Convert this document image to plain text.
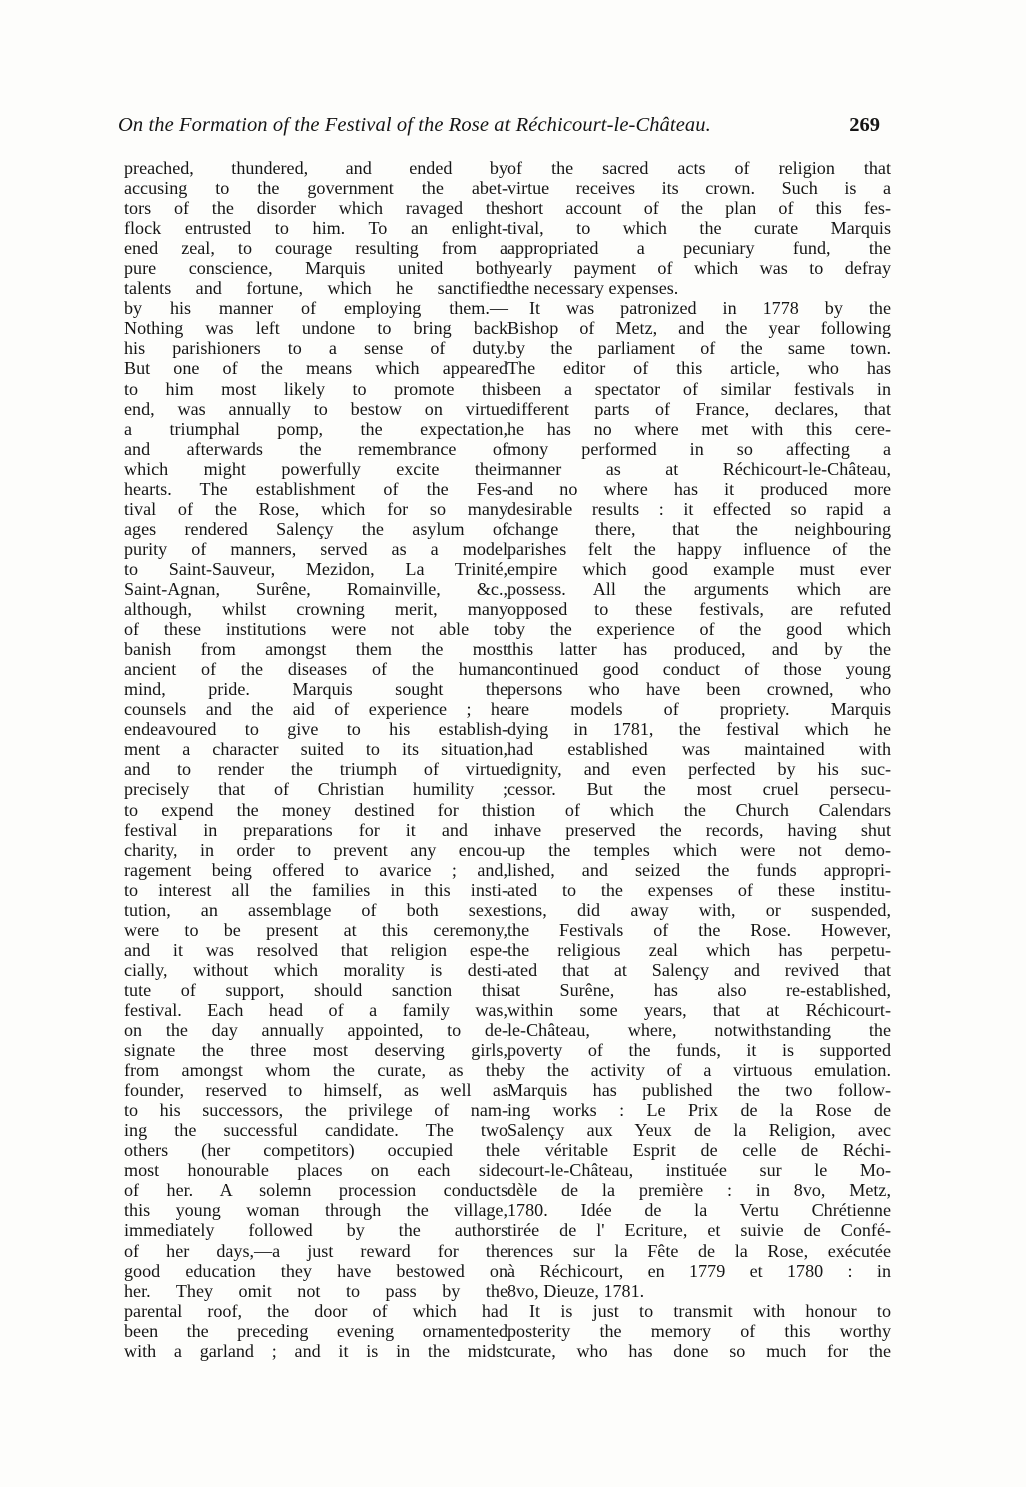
On the Formation of the Festival of the Rose at Réchicourt-le-Château.	269

preached, thundered, and ended by
accusing to the government the abet-
tors of the disorder which ravaged the
flock entrusted to him. To an enlight-
ened zeal, to courage resulting from a
pure conscience, Marquis united both
talents and fortune, which he sanctified
by his manner of employing them.—
Nothing was left undone to bring back
his parishioners to a sense of duty.
But one of the means which appeared
to him most likely to promote this
end, was annually to bestow on virtue
a triumphal pomp, the expectation,
and afterwards the remembrance of
which might powerfully excite their
hearts. The establishment of the Fes-
tival of the Rose, which for so many
ages rendered Salençy the asylum of
purity of manners, served as a model
to Saint-Sauveur, Mezidon, La Trinité,
Saint-Agnan, Surêne, Romainville, &c.,
although, whilst crowning merit, many
of these institutions were not able to
banish from amongst them the most
ancient of the diseases of the human
mind, pride. Marquis sought the
counsels and the aid of experience ; he
endeavoured to give to his establish-
ment a character suited to its situation,
and to render the triumph of virtue
precisely that of Christian humility ;
to expend the money destined for this
festival in preparations for it and in
charity, in order to prevent any encou-
ragement being offered to avarice ; and,
to interest all the families in this insti-
tution, an assemblage of both sexes
were to be present at this ceremony,
and it was resolved that religion espe-
cially, without which morality is desti-
tute of support, should sanction this
festival. Each head of a family was,
on the day annually appointed, to de-
signate the three most deserving girls,
from amongst whom the curate, as the
founder, reserved to himself, as well as
to his successors, the privilege of nam-
ing the successful candidate. The two
others (her competitors) occupied the
most honourable places on each side
of her. A solemn procession conducts
this young woman through the village,
immediately followed by the authors
of her days,—a just reward for the
good education they have bestowed on
her. They omit not to pass by the
parental roof, the door of which had
been the preceding evening ornamented
with a garland ; and it is in the midst

of the sacred acts of religion that
virtue receives its crown. Such is a
short account of the plan of this fes-
tival, to which the curate Marquis
appropriated a pecuniary fund, the
yearly payment of which was to defray
the necessary expenses.

It was patronized in 1778 by the
Bishop of Metz, and the year following
by the parliament of the same town.
The editor of this article, who has
been a spectator of similar festivals in
different parts of France, declares, that
he has no where met with this cere-
mony performed in so affecting a
manner as at Réchicourt-le-Château,
and no where has it produced more
desirable results : it effected so rapid a
change there, that the neighbouring
parishes felt the happy influence of the
empire which good example must ever
possess. All the arguments which are
opposed to these festivals, are refuted
by the experience of the good which
this latter has produced, and by the
continued good conduct of those young
persons who have been crowned, who
are models of propriety. Marquis
dying in 1781, the festival which he
had established was maintained with
dignity, and even perfected by his suc-
cessor. But the most cruel persecu-
tion of which the Church Calendars
have preserved the records, having shut
up the temples which were not demo-
lished, and seized the funds appropri-
ated to the expenses of these institu-
tions, did away with, or suspended,
the Festivals of the Rose. However,
the religious zeal which has perpetu-
ated that at Salençy and revived that
at Surêne, has also re-established,
within some years, that at Réchicourt-
le-Château, where, notwithstanding the
poverty of the funds, it is supported
by the activity of a virtuous emulation.
Marquis has published the two follow-
ing works : Le Prix de la Rose de
Salençy aux Yeux de la Religion, avec
le véritable Esprit de celle de Réchi-
court-le-Château, instituée sur le Mo-
dèle de la première : in 8vo, Metz,
1780. Idée de la Vertu Chrétienne
tirée de l' Ecriture, et suivie de Confé-
rences sur la Fête de la Rose, exécutée
à Réchicourt, en 1779 et 1780 : in
8vo, Dieuze, 1781.

It is just to transmit with honour to
posterity the memory of this worthy
curate, who has done so much for the
